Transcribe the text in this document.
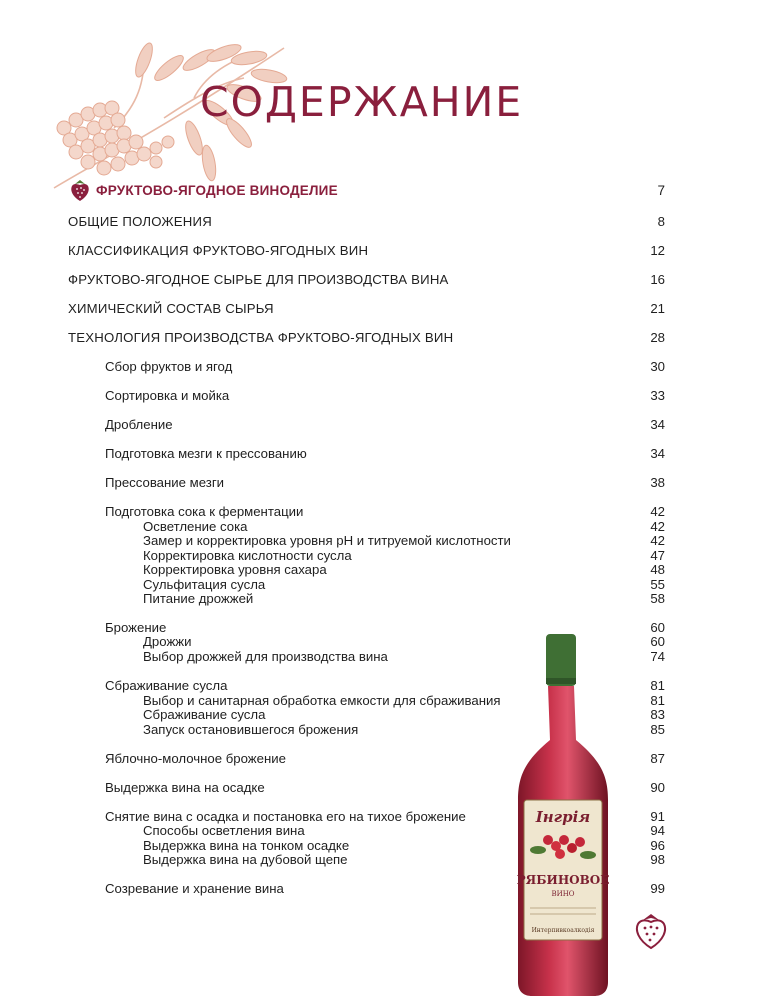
СОДЕРЖАНИЕ
ФРУКТОВО-ЯГОДНОЕ ВИНОДЕЛИЕ	7
ОБЩИЕ ПОЛОЖЕНИЯ	8
КЛАССИФИКАЦИЯ ФРУКТОВО-ЯГОДНЫХ ВИН	12
ФРУКТОВО-ЯГОДНОЕ СЫРЬЕ ДЛЯ ПРОИЗВОДСТВА ВИНА	16
ХИМИЧЕСКИЙ СОСТАВ СЫРЬЯ	21
ТЕХНОЛОГИЯ ПРОИЗВОДСТВА ФРУКТОВО-ЯГОДНЫХ ВИН	28
Сбор фруктов и ягод	30
Сортировка и мойка	33
Дробление	34
Подготовка мезги к прессованию	34
Прессование мезги	38
Подготовка сока к ферментации	42
Осветление сока	42
Замер и корректировка уровня pH и титруемой кислотности	42
Корректировка кислотности сусла	47
Корректировка уровня сахара	48
Сульфитация сусла	55
Питание дрожжей	58
Брожение	60
Дрожжи	60
Выбор дрожжей для производства вина	74
Сбраживание сусла	81
Выбор и санитарная обработка емкости для сбраживания	81
Сбраживание сусла	83
Запуск остановившегося брожения	85
Яблочно-молочное брожение	87
Выдержка вина на осадке	90
Снятие вина с осадка и постановка его на тихое брожение	91
Способы осветления вина	94
Выдержка вина на тонком осадке	96
Выдержка вина на дубовой щепе	98
Созревание и хранение вина	99
Інгрія
РЯБИНОВОЕ
ВИНО
Интерпивкоалкодія
